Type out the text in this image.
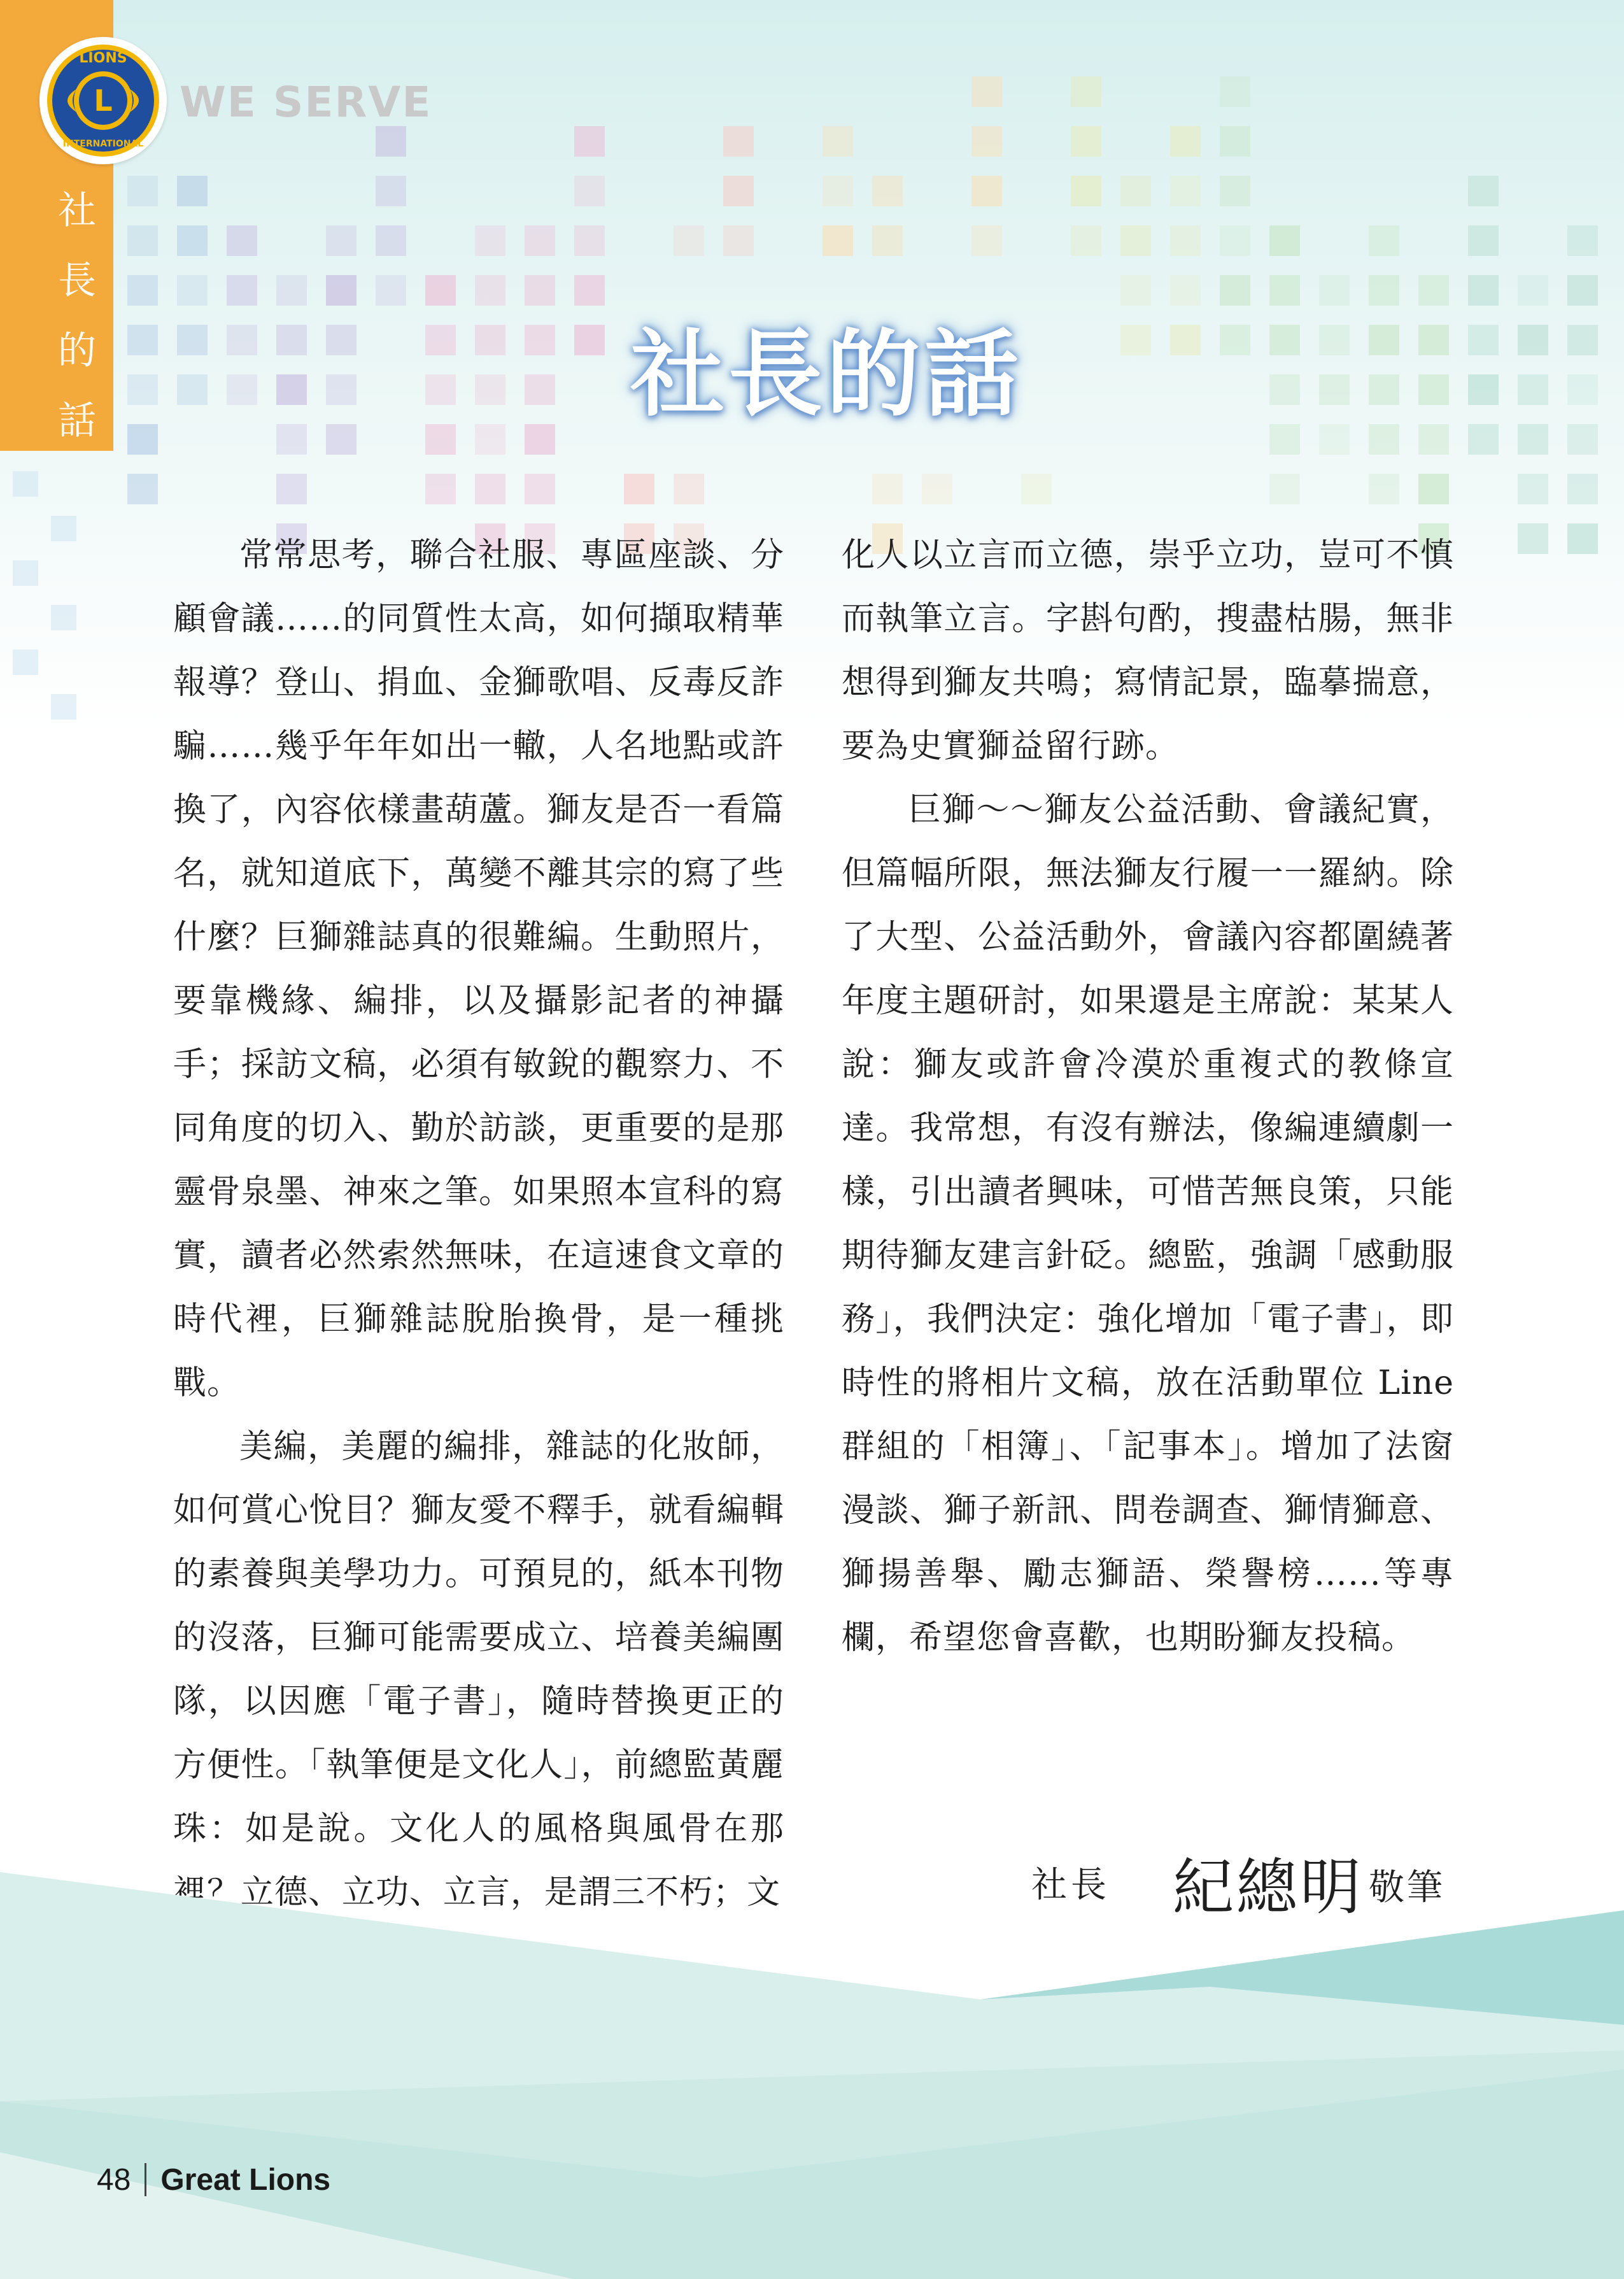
LIONS
INTERNATIONAL
L WE SERVE
社
長
的
話	社長的話

常常思考，聯合社服、專區座談、分顧會議……的同質性太高，如何擷取精華報導？登山、捐血、金獅歌唱、反毒反詐騙……幾乎年年如出一轍，人名地點或許換了，內容依樣畫葫蘆。獅友是否一看篇名，就知道底下，萬變不離其宗的寫了些什麼？巨獅雜誌真的很難編。生動照片，要靠機緣、編排，以及攝影記者的神攝手；採訪文稿，必須有敏銳的觀察力、不同角度的切入、勤於訪談，更重要的是那靈骨泉墨、神來之筆。如果照本宣科的寫實，讀者必然索然無味，在這速食文章的時代裡，巨獅雜誌脫胎換骨，是一種挑戰。

美編，美麗的編排，雜誌的化妝師，如何賞心悅目？獅友愛不釋手，就看編輯的素養與美學功力。可預見的，紙本刊物的沒落，巨獅可能需要成立、培養美編團隊，以因應「電子書」，隨時替換更正的方便性。「執筆便是文化人」，前總監黃麗珠：如是說。文化人的風格與風骨在那裡？立德、立功、立言，是謂三不朽；文

化人以立言而立德，崇乎立功，豈可不慎而執筆立言。字斟句酌，搜盡枯腸，無非想得到獅友共鳴；寫情記景，臨摹揣意，要為史實獅益留行跡。

巨獅～～獅友公益活動、會議紀實，但篇幅所限，無法獅友行履一一羅納。除了大型、公益活動外，會議內容都圍繞著年度主題研討，如果還是主席說：某某人說：獅友或許會冷漠於重複式的教條宣達。我常想，有沒有辦法，像編連續劇一樣，引出讀者興味，可惜苦無良策，只能期待獅友建言針砭。總監，強調「感動服務」，我們決定：強化增加「電子書」，即時性的將相片文稿，放在活動單位 Line 群組的「相簿」、「記事本」。增加了法窗漫談、獅子新訊、問卷調查、獅情獅意、獅揚善舉、勵志獅語、榮譽榜……等專欄，希望您會喜歡，也期盼獅友投稿。

社長 紀總明 敬筆
48 Great Lions
